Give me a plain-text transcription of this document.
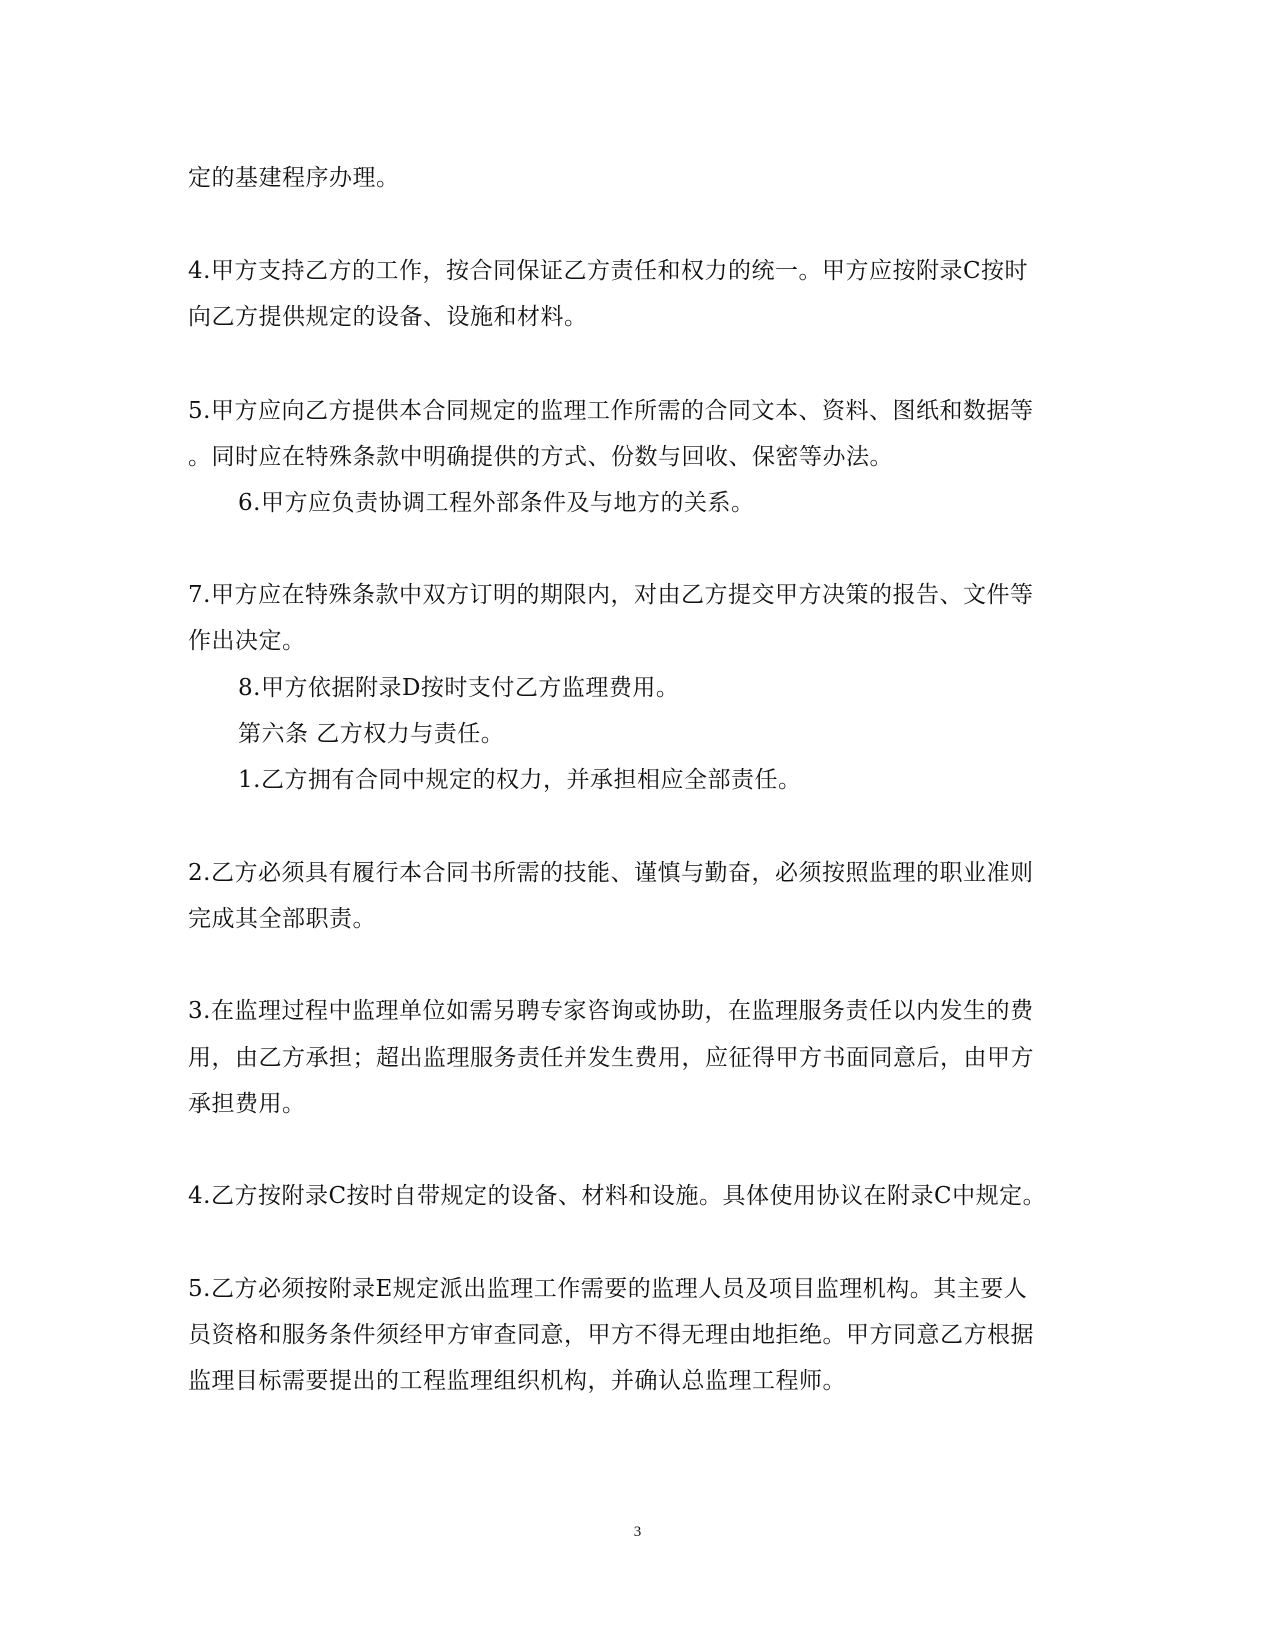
定的基建程序办理。
4.甲方支持乙方的工作，按合同保证乙方责任和权力的统一。甲方应按附录C按时
向乙方提供规定的设备、设施和材料。
5.甲方应向乙方提供本合同规定的监理工作所需的合同文本、资料、图纸和数据等
。同时应在特殊条款中明确提供的方式、份数与回收、保密等办法。
6.甲方应负责协调工程外部条件及与地方的关系。
7.甲方应在特殊条款中双方订明的期限内，对由乙方提交甲方决策的报告、文件等
作出决定。
8.甲方依据附录D按时支付乙方监理费用。
第六条 乙方权力与责任。
1.乙方拥有合同中规定的权力，并承担相应全部责任。
2.乙方必须具有履行本合同书所需的技能、谨慎与勤奋，必须按照监理的职业准则
完成其全部职责。
3.在监理过程中监理单位如需另聘专家咨询或协助，在监理服务责任以内发生的费
用，由乙方承担；超出监理服务责任并发生费用，应征得甲方书面同意后，由甲方
承担费用。
4.乙方按附录C按时自带规定的设备、材料和设施。具体使用协议在附录C中规定。
5.乙方必须按附录E规定派出监理工作需要的监理人员及项目监理机构。其主要人
员资格和服务条件须经甲方审查同意，甲方不得无理由地拒绝。甲方同意乙方根据
监理目标需要提出的工程监理组织机构，并确认总监理工程师。
3
